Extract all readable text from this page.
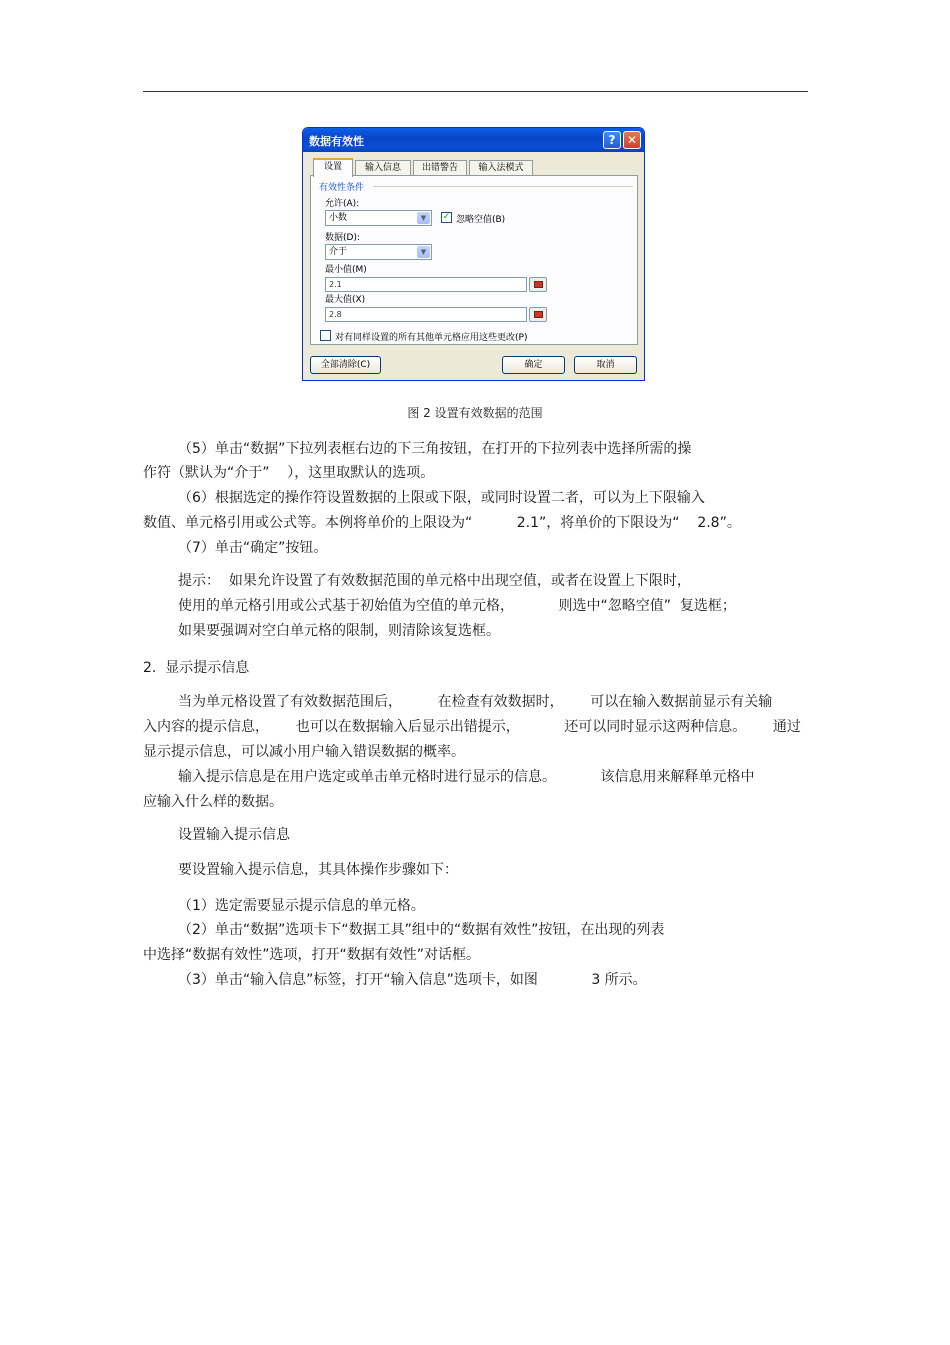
数据有效性	? ✕
设置	输入信息	出错警告	输入法模式
有效性条件
允许(A):
小数	▼	✓ 忽略空值(B)
数据(D):
介于	▼
最小值(M)
2.1
最大值(X)
2.8
对有同样设置的所有其他单元格应用这些更改(P)
全部清除(C)	确定	取消
图 2 设置有效数据的范围
（5）单击“数据”下拉列表框右边的下三角按钮，在打开的下拉列表中选择所需的操
作符（默认为“介于”    ），这里取默认的选项。
（6）根据选定的操作符设置数据的上限或下限，或同时设置二者，可以为上下限输入
数值、单元格引用或公式等。本例将单价的上限设为“          2.1”，将单价的下限设为“    2.8”。
（7）单击“确定”按钮。
提示：  如果允许设置了有效数据范围的单元格中出现空值，或者在设置上下限时，
使用的单元格引用或公式基于初始值为空值的单元格，          则选中“忽略空值”  复选框；
如果要强调对空白单元格的限制，则清除该复选框。
2.  显示提示信息
当为单元格设置了有效数据范围后，        在检查有效数据时，      可以在输入数据前显示有关输
入内容的提示信息，      也可以在数据输入后显示出错提示，          还可以同时显示这两种信息。      通过
显示提示信息，可以减小用户输入错误数据的概率。
输入提示信息是在用户选定或单击单元格时进行显示的信息。          该信息用来解释单元格中
应输入什么样的数据。
设置输入提示信息
要设置输入提示信息，其具体操作步骤如下：
（1）选定需要显示提示信息的单元格。
（2）单击“数据”选项卡下“数据工具”组中的“数据有效性”按钮，在出现的列表
中选择“数据有效性”选项，打开“数据有效性”对话框。
（3）单击“输入信息”标签，打开“输入信息”选项卡，如图            3 所示。
